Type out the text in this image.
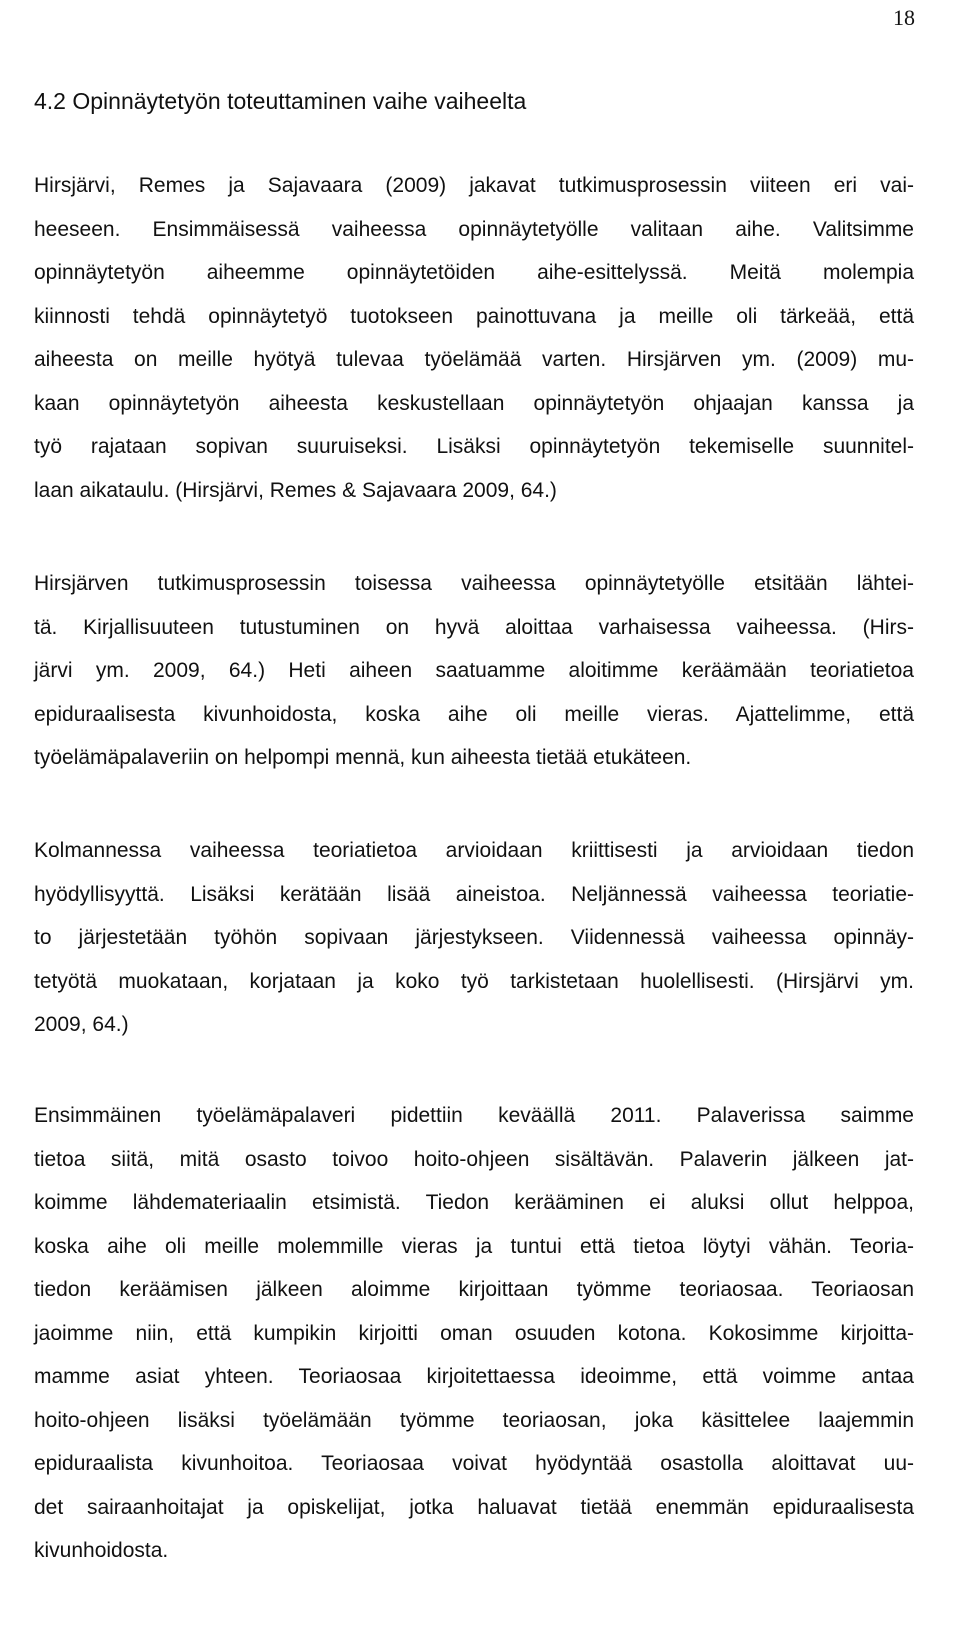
18
4.2 Opinnäytetyön toteuttaminen vaihe vaiheelta
Hirsjärvi, Remes ja Sajavaara (2009) jakavat tutkimusprosessin viiteen eri vai-
heeseen. Ensimmäisessä vaiheessa opinnäytetyölle valitaan aihe. Valitsimme
opinnäytetyön aiheemme opinnäytetöiden aihe-esittelyssä. Meitä molempia
kiinnosti tehdä opinnäytetyö tuotokseen painottuvana ja meille oli tärkeää, että
aiheesta on meille hyötyä tulevaa työelämää varten. Hirsjärven ym. (2009) mu-
kaan opinnäytetyön aiheesta keskustellaan opinnäytetyön ohjaajan kanssa ja
työ rajataan sopivan suuruiseksi. Lisäksi opinnäytetyön tekemiselle suunnitel-
laan aikataulu. (Hirsjärvi, Remes & Sajavaara 2009, 64.)
Hirsjärven tutkimusprosessin toisessa vaiheessa opinnäytetyölle etsitään lähtei-
tä. Kirjallisuuteen tutustuminen on hyvä aloittaa varhaisessa vaiheessa. (Hirs-
järvi ym. 2009, 64.) Heti aiheen saatuamme aloitimme keräämään teoriatietoa
epiduraalisesta kivunhoidosta, koska aihe oli meille vieras. Ajattelimme, että
työelämäpalaveriin on helpompi mennä, kun aiheesta tietää etukäteen.
Kolmannessa vaiheessa teoriatietoa arvioidaan kriittisesti ja arvioidaan tiedon
hyödyllisyyttä. Lisäksi kerätään lisää aineistoa. Neljännessä vaiheessa teoriatie-
to järjestetään työhön sopivaan järjestykseen. Viidennessä vaiheessa opinnäy-
tetyötä muokataan, korjataan ja koko työ tarkistetaan huolellisesti. (Hirsjärvi ym.
2009, 64.)
Ensimmäinen työelämäpalaveri pidettiin keväällä 2011. Palaverissa saimme
tietoa siitä, mitä osasto toivoo hoito-ohjeen sisältävän. Palaverin jälkeen jat-
koimme lähdemateriaalin etsimistä. Tiedon kerääminen ei aluksi ollut helppoa,
koska aihe oli meille molemmille vieras ja tuntui että tietoa löytyi vähän. Teoria-
tiedon keräämisen jälkeen aloimme kirjoittaan työmme teoriaosaa. Teoriaosan
jaoimme niin, että kumpikin kirjoitti oman osuuden kotona. Kokosimme kirjoitta-
mamme asiat yhteen. Teoriaosaa kirjoitettaessa ideoimme, että voimme antaa
hoito-ohjeen lisäksi työelämään työmme teoriaosan, joka käsittelee laajemmin
epiduraalista kivunhoitoa. Teoriaosaa voivat hyödyntää osastolla aloittavat uu-
det sairaanhoitajat ja opiskelijat, jotka haluavat tietää enemmän epiduraalisesta
kivunhoidosta.
